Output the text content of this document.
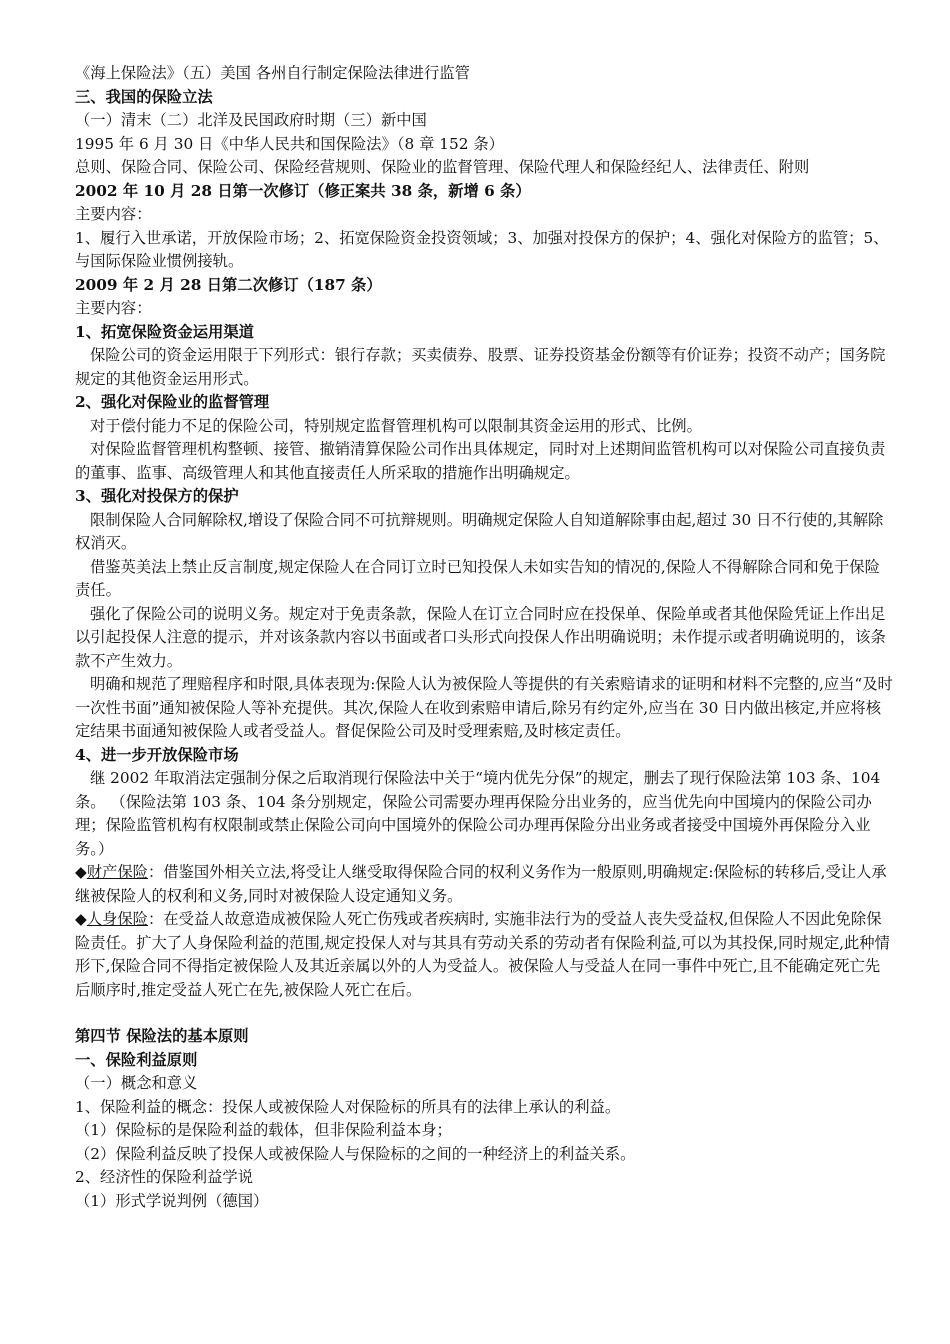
《海上保险法》（五）美国 各州自行制定保险法律进行监管

三、我国的保险立法

（一）清末（二）北洋及民国政府时期（三）新中国

1995 年 6 月 30 日《中华人民共和国保险法》（8 章 152 条）

总则、保险合同、保险公司、保险经营规则、保险业的监督管理、保险代理人和保险经纪人、法律责任、附则

2002 年 10 月 28 日第一次修订（修正案共 38 条，新增 6 条）

主要内容：

1、履行入世承诺，开放保险市场；2、拓宽保险资金投资领域；3、加强对投保方的保护；4、强化对保险方的监管；5、与国际保险业惯例接轨。

2009 年 2 月 28 日第二次修订（187 条）

主要内容：

1、拓宽保险资金运用渠道

保险公司的资金运用限于下列形式：银行存款；买卖债券、股票、证券投资基金份额等有价证券；投资不动产；国务院规定的其他资金运用形式。

2、强化对保险业的监督管理

对于偿付能力不足的保险公司，特别规定监督管理机构可以限制其资金运用的形式、比例。

对保险监督管理机构整顿、接管、撤销清算保险公司作出具体规定，同时对上述期间监管机构可以对保险公司直接负责的董事、监事、高级管理人和其他直接责任人所采取的措施作出明确规定。

3、强化对投保方的保护

限制保险人合同解除权,增设了保险合同不可抗辩规则。明确规定保险人自知道解除事由起,超过 30 日不行使的,其解除权消灭。

借鉴英美法上禁止反言制度,规定保险人在合同订立时已知投保人未如实告知的情况的,保险人不得解除合同和免于保险责任。

强化了保险公司的说明义务。规定对于免责条款，保险人在订立合同时应在投保单、保险单或者其他保险凭证上作出足以引起投保人注意的提示，并对该条款内容以书面或者口头形式向投保人作出明确说明；未作提示或者明确说明的，该条款不产生效力。

明确和规范了理赔程序和时限,具体表现为:保险人认为被保险人等提供的有关索赔请求的证明和材料不完整的,应当“及时一次性书面”通知被保险人等补充提供。其次,保险人在收到索赔申请后,除另有约定外,应当在 30 日内做出核定,并应将核定结果书面通知被保险人或者受益人。督促保险公司及时受理索赔,及时核定责任。

4、进一步开放保险市场

继 2002 年取消法定强制分保之后取消现行保险法中关于“境内优先分保”的规定，删去了现行保险法第 103 条、104 条。 （保险法第 103 条、104 条分别规定，保险公司需要办理再保险分出业务的，应当优先向中国境内的保险公司办理；保险监管机构有权限制或禁止保险公司向中国境外的保险公司办理再保险分出业务或者接受中国境外再保险分入业务。）

◆财产保险：借鉴国外相关立法,将受让人继受取得保险合同的权利义务作为一般原则,明确规定:保险标的转移后,受让人承继被保险人的权利和义务,同时对被保险人设定通知义务。

◆人身保险：在受益人故意造成被保险人死亡伤残或者疾病时, 实施非法行为的受益人丧失受益权,但保险人不因此免除保险责任。扩大了人身保险利益的范围,规定投保人对与其具有劳动关系的劳动者有保险利益,可以为其投保,同时规定,此种情形下,保险合同不得指定被保险人及其近亲属以外的人为受益人。被保险人与受益人在同一事件中死亡,且不能确定死亡先后顺序时,推定受益人死亡在先,被保险人死亡在后。

第四节 保险法的基本原则

一、保险利益原则

（一）概念和意义

1、保险利益的概念：投保人或被保险人对保险标的所具有的法律上承认的利益。

（1）保险标的是保险利益的载体，但非保险利益本身；

（2）保险利益反映了投保人或被保险人与保险标的之间的一种经济上的利益关系。

2、经济性的保险利益学说

（1）形式学说判例（德国）
